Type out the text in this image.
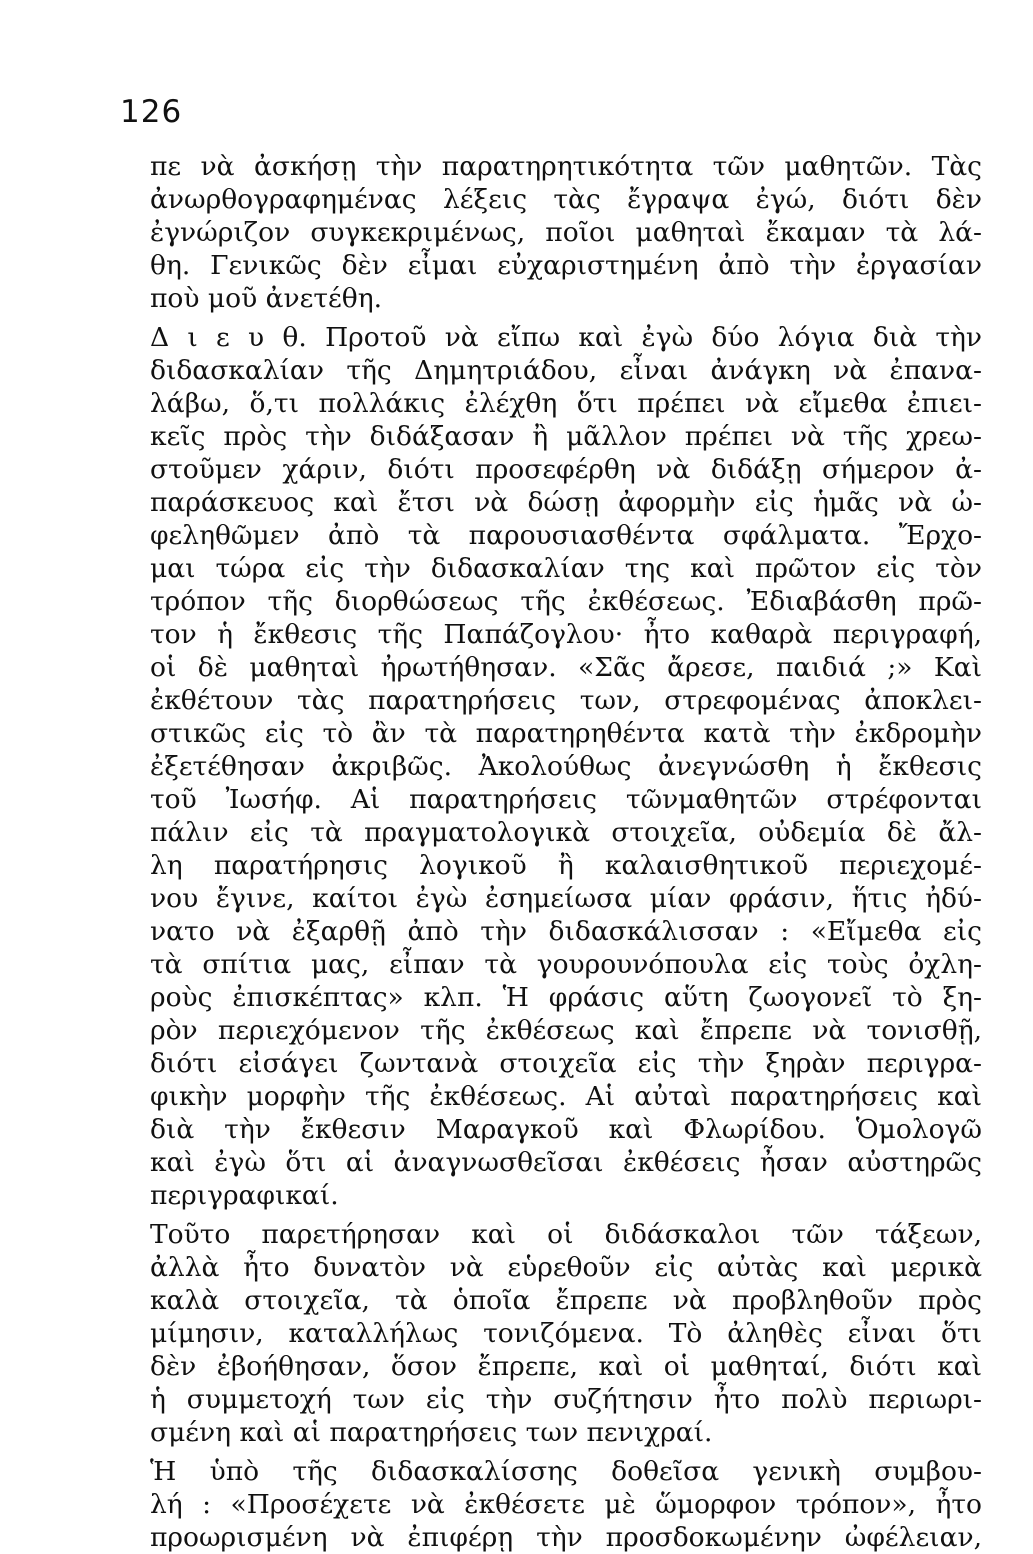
126
πε νὰ ἀσκήσῃ τὴν παρατηρητικότητα τῶν μαθητῶν. Τὰς
ἀνωρθογραφημένας λέξεις τὰς ἔγραψα ἐγώ, διότι δὲν
ἐγνώριζον συγκεκριμένως, ποῖοι μαθηταὶ ἔκαμαν τὰ λά-
θη. Γενικῶς δὲν εἶμαι εὐχαριστημένη ἀπὸ τὴν ἐργασίαν
ποὺ μοῦ ἀνετέθη.
Δ ι ε υ θ. Προτοῦ νὰ εἴπω καὶ ἐγὼ δύο λόγια διὰ τὴν
διδασκαλίαν τῆς Δημητριάδου, εἶναι ἀνάγκη νὰ ἐπανα-
λάβω, ὅ,τι πολλάκις ἐλέχθη ὅτι πρέπει νὰ εἴμεθα ἐπιει-
κεῖς πρὸς τὴν διδάξασαν ἢ μᾶλλον πρέπει νὰ τῆς χρεω-
στοῦμεν χάριν, διότι προσεφέρθη νὰ διδάξῃ σήμερον ἀ-
παράσκευος καὶ ἔτσι νὰ δώσῃ ἀφορμὴν εἰς ἡμᾶς νὰ ὠ-
φεληθῶμεν ἀπὸ τὰ παρουσιασθέντα σφάλματα. Ἔρχο-
μαι τώρα εἰς τὴν διδασκαλίαν της καὶ πρῶτον εἰς τὸν
τρόπον τῆς διορθώσεως τῆς ἐκθέσεως. Ἐδιαβάσθη πρῶ-
τον ἡ ἔκθεσις τῆς Παπάζογλου· ἦτο καθαρὰ περιγραφή,
οἱ δὲ μαθηταὶ ἠρωτήθησαν. «Σᾶς ἄρεσε, παιδιά ;» Καὶ
ἐκθέτουν τὰς παρατηρήσεις των, στρεφομένας ἀποκλει-
στικῶς εἰς τὸ ἂν τὰ παρατηρηθέντα κατὰ τὴν ἐκδρομὴν
ἐξετέθησαν ἀκριβῶς. Ἀκολούθως ἀνεγνώσθη ἡ ἔκθεσις
τοῦ Ἰωσήφ. Αἱ παρατηρήσεις τῶνμαθητῶν στρέφονται
πάλιν εἰς τὰ πραγματολογικὰ στοιχεῖα, οὐδεμία δὲ ἄλ-
λη παρατήρησις λογικοῦ ἢ καλαισθητικοῦ περιεχομέ-
νου ἔγινε, καίτοι ἐγὼ ἐσημείωσα μίαν φράσιν, ἥτις ἠδύ-
νατο νὰ ἐξαρθῇ ἀπὸ τὴν διδασκάλισσαν : «Εἴμεθα εἰς
τὰ σπίτια μας, εἶπαν τὰ γουρουνόπουλα εἰς τοὺς ὀχλη-
ροὺς ἐπισκέπτας» κλπ. Ἡ φράσις αὕτη ζωογονεῖ τὸ ξη-
ρὸν περιεχόμενον τῆς ἐκθέσεως καὶ ἔπρεπε νὰ τονισθῇ,
διότι εἰσάγει ζωντανὰ στοιχεῖα εἰς τὴν ξηρὰν περιγρα-
φικὴν μορφὴν τῆς ἐκθέσεως. Αἱ αὐταὶ παρατηρήσεις καὶ
διὰ τὴν ἔκθεσιν Μαραγκοῦ καὶ Φλωρίδου. Ὁμολογῶ
καὶ ἐγὼ ὅτι αἱ ἀναγνωσθεῖσαι ἐκθέσεις ἦσαν αὐστηρῶς
περιγραφικαί.
Τοῦτο παρετήρησαν καὶ οἱ διδάσκαλοι τῶν τάξεων,
ἀλλὰ ἦτο δυνατὸν νὰ εὑρεθοῦν εἰς αὐτὰς καὶ μερικὰ
καλὰ στοιχεῖα, τὰ ὁποῖα ἔπρεπε νὰ προβληθοῦν πρὸς
μίμησιν, καταλλήλως τονιζόμενα. Τὸ ἀληθὲς εἶναι ὅτι
δὲν ἐβοήθησαν, ὅσον ἔπρεπε, καὶ οἱ μαθηταί, διότι καὶ
ἡ συμμετοχή των εἰς τὴν συζήτησιν ἦτο πολὺ περιωρι-
σμένη καὶ αἱ παρατηρήσεις των πενιχραί.
Ἡ ὑπὸ τῆς διδασκαλίσσης δοθεῖσα γενικὴ συμβου-
λή : «Προσέχετε νὰ ἐκθέσετε μὲ ὥμορφον τρόπον», ἦτο
προωρισμένη νὰ ἐπιφέρῃ τὴν προσδοκωμένην ὠφέλειαν,
